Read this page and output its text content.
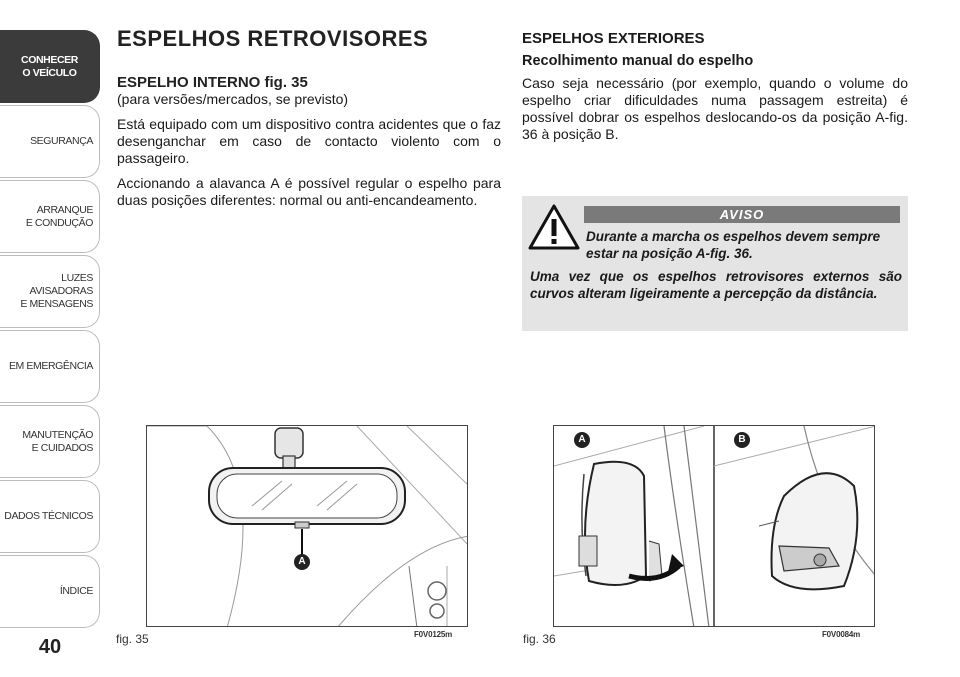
CONHECER
O VEÍCULO
SEGURANÇA
ARRANQUE
E CONDUÇÃO
LUZES AVISADORAS
E MENSAGENS
EM EMERGÊNCIA
MANUTENÇÃO
E CUIDADOS
DADOS TÉCNICOS
ÍNDICE
40
ESPELHOS RETROVISORES
ESPELHO INTERNO fig. 35
(para versões/mercados, se previsto)

Está equipado com um dispositivo contra acidentes que o faz desenganchar em caso de contacto violento com o passageiro.

Accionando a alavanca A é possível regular o espelho para duas posições diferentes: normal ou anti-encandeamento.

ESPELHOS EXTERIORES
Recolhimento manual do espelho

Caso seja necessário (por exemplo, quando o volume do espelho criar dificuldades numa passagem estreita) é possível dobrar os espelhos deslocando-os da posição A-fig. 36 à posição B.

AVISO
Durante a marcha os espelhos devem sempre estar na posição A-fig. 36.
Uma vez que os espelhos retrovisores externos são curvos alteram ligeiramente a percepção da distância.
A
fig. 35	F0V0125m
A	B
fig. 36	F0V0084m
